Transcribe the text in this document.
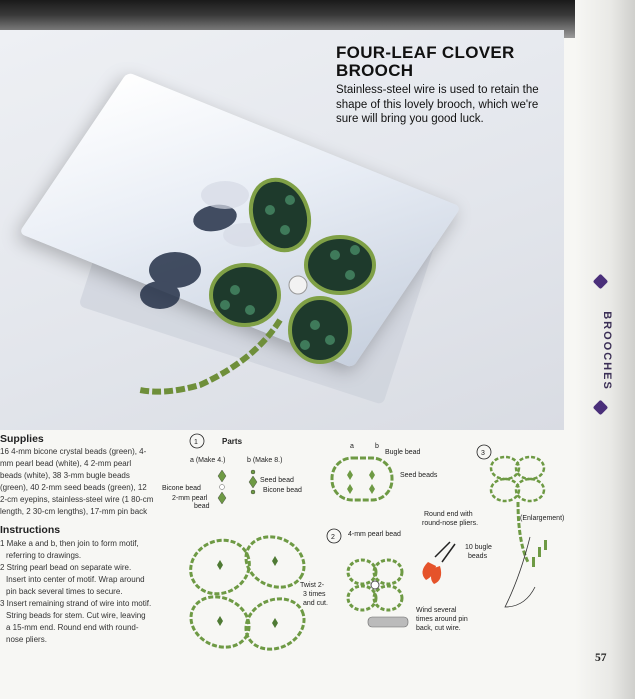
FOUR-LEAF CLOVER
BROOCH
Stainless-steel wire is used to retain the shape of this lovely brooch, which we're sure will bring you good luck.
BROOCHES
Supplies
16 4-mm bicone crystal beads (green), 4-
mm pearl bead (white), 4 2-mm pearl
beads (white), 38 3-mm bugle beads
(green), 40 2-mm seed beads (green), 12
2-cm eyepins, stainless-steel wire (1 80-cm
length, 2 30-cm lengths), 17-mm pin back
Instructions
1 Make a and b, then join to form motif,
referring to drawings.
2 String pearl bead on separate wire.
Insert into center of motif. Wrap around
pin back several times to secure.
3 Insert remaining strand of wire into motif.
String beads for stem. Cut wire, leaving
a 15-mm end. Round end with round-
nose pliers.
1	Parts
a (Make 4.)	b (Make 8.)
Bicone bead
2-mm pearl
bead
Seed bead
Bicone bead
a	b
Bugle bead
Seed beads
Twist 2-
3 times
and cut.
2 4-mm pearl bead
Wind several
times around pin
back, cut wire.
Round end with
round-nose pliers.
10 bugle
beads
3
(Enlargement)
57
